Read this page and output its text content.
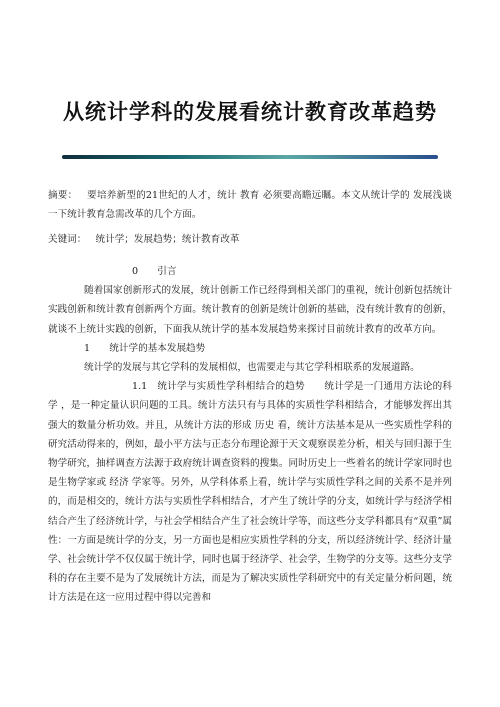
从统计学科的发展看统计教育改革趋势
摘要： 要培养新型的21世纪的人才，统计 教育 必须要高瞻远瞩。本文从统计学的 发展浅谈一下统计教育急需改革的几个方面。
关键词： 统计学；发展趋势；统计教育改革

0　　引言

随着国家创新形式的发展，统计创新工作已经得到相关部门的重视，统计创新包括统计实践创新和统计教育创新两个方面。统计教育的创新是统计创新的基础，没有统计教育的创新，就谈不上统计实践的创新，下面我从统计学的基本发展趋势来探讨目前统计教育的改革方向。

1　　统计学的基本发展趋势

统计学的发展与其它学科的发展相似，也需要走与其它学科相联系的发展道路。

1.1　统计学与实质性学科相结合的趋势　　统计学是一门通用方法论的科学 ，是一种定量认识问题的工具。统计方法只有与具体的实质性学科相结合，才能够发挥出其强大的数量分析功效。并且，从统计方法的形成 历史 看，统计方法基本是从一些实质性学科的研究活动得来的，例如，最小平方法与正态分布理论源于天文观察误差分析，相关与回归源于生物学研究，抽样调查方法源于政府统计调查资料的搜集。同时历史上一些着名的统计学家同时也是生物学家或 经济 学家等。另外，从学科体系上看，统计学与实质性学科之间的关系不是并列的，而是相交的，统计方法与实质性学科相结合，才产生了统计学的分支，如统计学与经济学相结合产生了经济统计学，与社会学相结合产生了社会统计学等，而这些分支学科都具有“双重”属性：一方面是统计学的分支，另一方面也是相应实质性学科的分支，所以经济统计学、经济计量学、社会统计学不仅仅属于统计学，同时也属于经济学、社会学，生物学的分支等。这些分支学科的存在主要不是为了发展统计方法，而是为了解决实质性学科研究中的有关定量分析问题，统计方法是在这一应用过程中得以完善和
